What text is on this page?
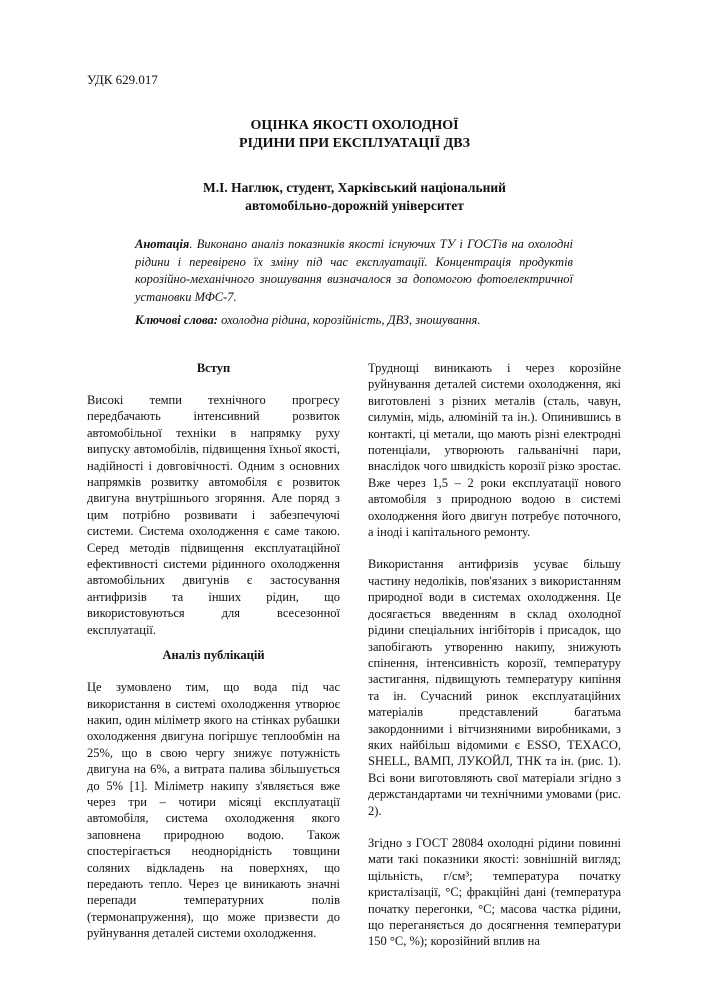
УДК 629.017
ОЦІНКА ЯКОСТІ ОХОЛОДНОЇ
РІДИНИ ПРИ ЕКСПЛУАТАЦІЇ ДВЗ
М.І. Наглюк, студент, Харківський національний
автомобільно-дорожній університет
Анотація. Виконано аналіз показників якості існуючих ТУ і ГОСТів на охолодні рідини і перевірено їх зміну під час експлуатації. Концентрація продуктів корозійно-механічного зношування визначалося за допомогою фотоелектричної установки МФС-7.
Ключові слова: охолодна рідина, корозійність, ДВЗ, зношування.
Вступ

Високі темпи технічного прогресу передбачають інтенсивний розвиток автомобільної техніки в напрямку руху випуску автомобілів, підвищення їхньої якості, надійності і довговічності. Одним з основних напрямків розвитку автомобіля є розвиток двигуна внутрішнього згоряння. Але поряд з цим потрібно розвивати і забезпечуючі системи. Система охолодження є саме такою. Серед методів підвищення експлуатаційної ефективності системи рідинного охолодження автомобільних двигунів є застосування антифризів та інших рідин, що використовуються для всесезонної експлуатації.

Аналіз публікацій

Це зумовлено тим, що вода під час використання в системі охолодження утворює накип, один міліметр якого на стінках рубашки охолодження двигуна погіршує теплообмін на 25%, що в свою чергу знижує потужність двигуна на 6%, а витрата палива збільшується до 5% [1]. Міліметр накипу з'являється вже через три – чотири місяці експлуатації автомобіля, система охолодження якого заповнена природною водою. Також спостерігається неоднорідність товщини соляних відкладень на поверхнях, що передають тепло. Через це виникають значні перепади температурних полів (термонапруження), що може призвести до руйнування деталей системи охолодження.

Труднощі виникають і через корозійне руйнування деталей системи охолодження, які виготовлені з різних металів (сталь, чавун, силумін, мідь, алюміній та ін.). Опинившись в контакті, ці метали, що мають різні електродні потенціали, утворюють гальванічні пари, внаслідок чого швидкість корозії різко зростає. Вже через 1,5 – 2 роки експлуатації нового автомобіля з природною водою в системі охолодження його двигун потребує поточного, а іноді і капітального ремонту.

Використання антифризів усуває більшу частину недоліків, пов'язаних з використанням природної води в системах охолодження. Це досягається введенням в склад охолодної рідини спеціальних інгібіторів і присадок, що запобігають утворенню накипу, знижують спінення, інтенсивність корозії, температуру застигання, підвищують температуру кипіння та ін. Сучасний ринок експлуатаційних матеріалів представлений багатьма закордонними і вітчизняними виробниками, з яких найбільш відомими є ESSO, TEXACO, SHELL, ВАМП, ЛУКОЙЛ, ТНК та ін. (рис. 1). Всі вони виготовляють свої матеріали згідно з держстандартами чи технічними умовами (рис. 2).

Згідно з ГОСТ 28084 охолодні рідини повинні мати такі показники якості: зовнішній вигляд; щільність, г/см³; температура початку кристалізації, °С; фракційні дані (температура початку перегонки, °С; масова частка рідини, що переганяється до досягнення температури 150 °С, %); корозійний вплив на
